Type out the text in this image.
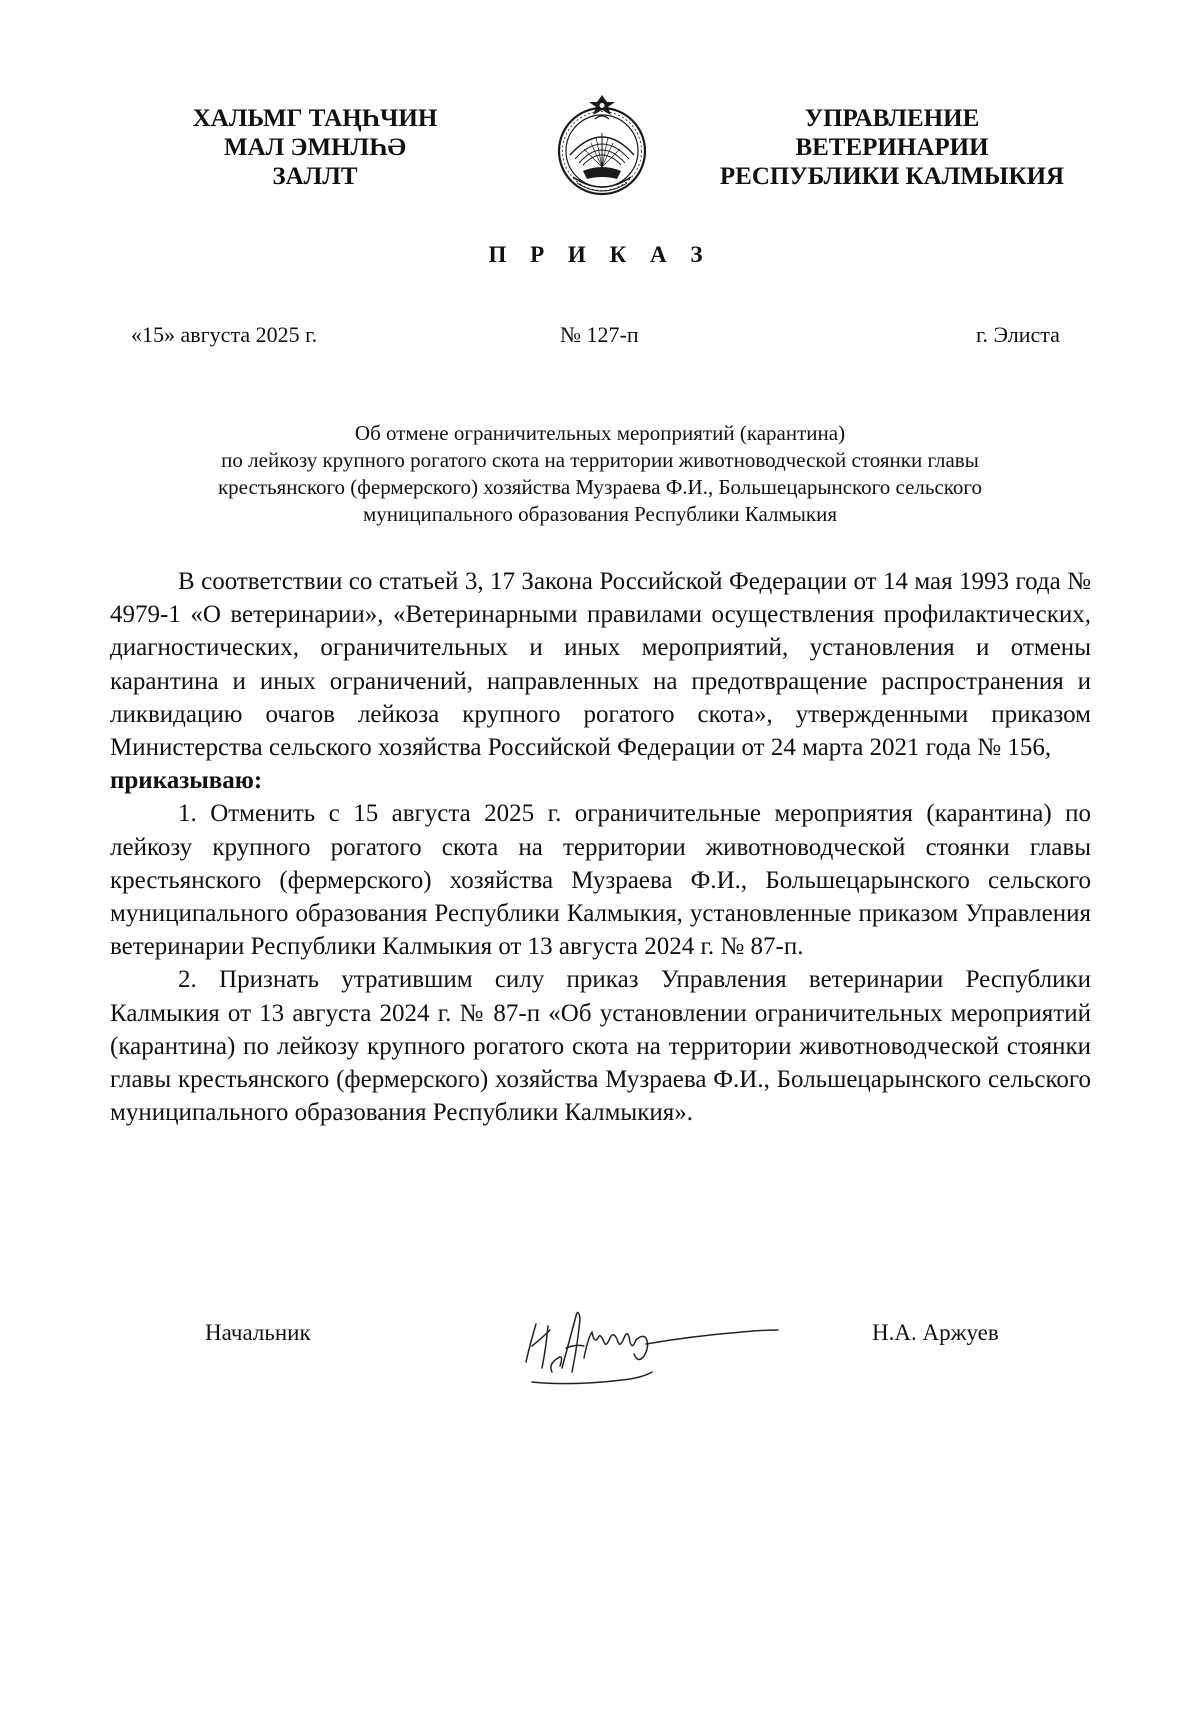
ХАЛЬМГ ТАҢҺЧИН
МАЛ ЭМНЛҺӘ
ЗАЛЛТ
УПРАВЛЕНИЕ
ВЕТЕРИНАРИИ
РЕСПУБЛИКИ КАЛМЫКИЯ
П Р И К А З
«15» августа 2025 г.	№ 127-п	г. Элиста
Об отмене ограничительных мероприятий (карантина)
по лейкозу крупного рогатого скота на территории животноводческой стоянки главы
крестьянского (фермерского) хозяйства Музраева Ф.И., Большецарынского сельского
муниципального образования Республики Калмыкия

В соответствии со статьей 3, 17 Закона Российской Федерации от 14 мая 1993 года № 4979-1 «О ветеринарии», «Ветеринарными правилами осуществления профилактических, диагностических, ограничительных и иных мероприятий, установления и отмены карантина и иных ограничений, направленных на предотвращение распространения и ликвидацию очагов лейкоза крупного рогатого скота», утвержденными приказом Министерства сельского хозяйства Российской Федерации от 24 марта 2021 года № 156,
приказываю:

1. Отменить с 15 августа 2025 г. ограничительные мероприятия (карантина) по лейкозу крупного рогатого скота на территории животноводческой стоянки главы крестьянского (фермерского) хозяйства Музраева Ф.И., Большецарынского сельского муниципального образования Республики Калмыкия, установленные приказом Управления ветеринарии Республики Калмыкия от 13 августа 2024 г. № 87-п.

2. Признать утратившим силу приказ Управления ветеринарии Республики Калмыкия от 13 августа 2024 г. № 87-п «Об установлении ограничительных мероприятий (карантина) по лейкозу крупного рогатого скота на территории животноводческой стоянки главы крестьянского (фермерского) хозяйства Музраева Ф.И., Большецарынского сельского муниципального образования Республики Калмыкия».

Начальник	Н.А. Аржуев
